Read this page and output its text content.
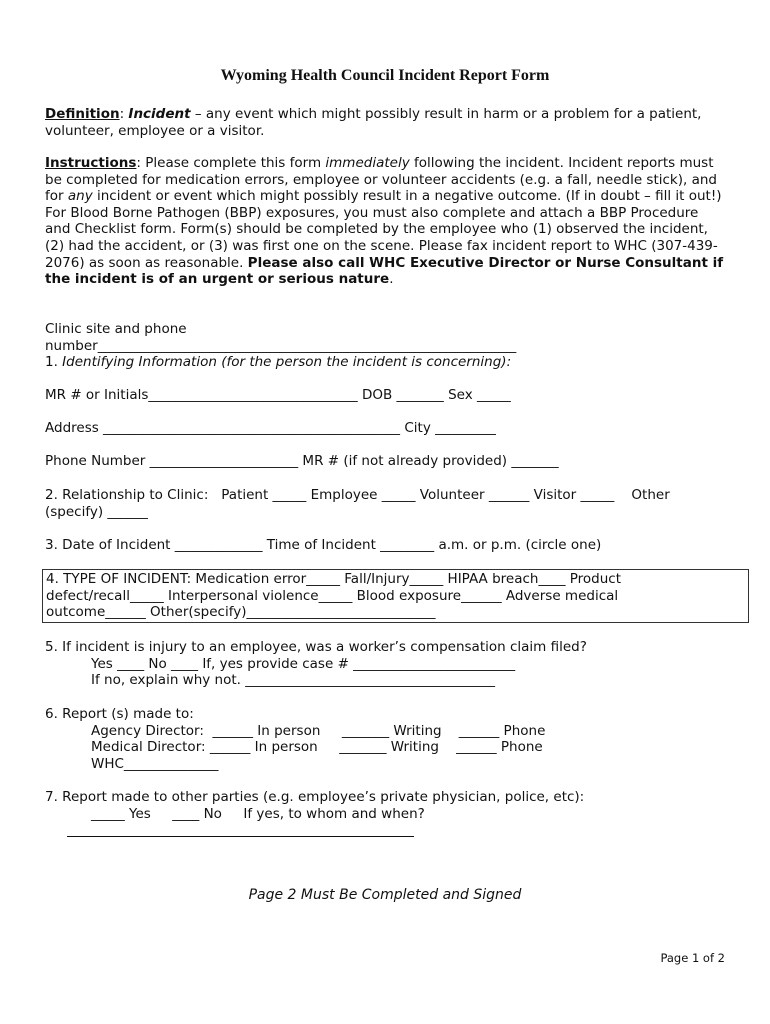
Wyoming Health Council Incident Report Form

Definition: Incident – any event which might possibly result in harm or a problem for a patient, volunteer, employee or a visitor.

Instructions: Please complete this form immediately following the incident. Incident reports must be completed for medication errors, employee or volunteer accidents (e.g. a fall, needle stick), and for any incident or event which might possibly result in a negative outcome. (If in doubt – fill it out!) For Blood Borne Pathogen (BBP) exposures, you must also complete and attach a BBP Procedure and Checklist form. Form(s) should be completed by the employee who (1) observed the incident, (2) had the accident, or (3) was first one on the scene. Please fax incident report to WHC (307-439-2076) as soon as reasonable. Please also call WHC Executive Director or Nurse Consultant if the incident is of an urgent or serious nature.

Clinic site and phone
number______________________________________________________________
1. Identifying Information (for the person the incident is concerning):
MR # or Initials_______________________________ DOB _______ Sex _____
Address ____________________________________________ City _________
Phone Number ______________________ MR # (if not already provided) _______
2. Relationship to Clinic:   Patient _____ Employee _____ Volunteer ______ Visitor _____    Other
(specify) ______
3. Date of Incident _____________ Time of Incident ________ a.m. or p.m. (circle one)
4. TYPE OF INCIDENT: Medication error_____ Fall/Injury_____ HIPAA breach____ Product
defect/recall_____ Interpersonal violence_____ Blood exposure______ Adverse medical
outcome______ Other(specify)____________________________
5. If incident is injury to an employee, was a worker’s compensation claim filed?
Yes ____ No ____ If, yes provide case # ________________________
If no, explain why not. _____________________________________
6. Report (s) made to:
Agency Director:  ______ In person     _______ Writing    ______ Phone
Medical Director: ______ In person     _______ Writing    ______ Phone
WHC______________
7. Report made to other parties (e.g. employee’s private physician, police, etc):
_____ Yes     ____ No     If yes, to whom and when?
Page 2 Must Be Completed and Signed
Page 1 of 2
